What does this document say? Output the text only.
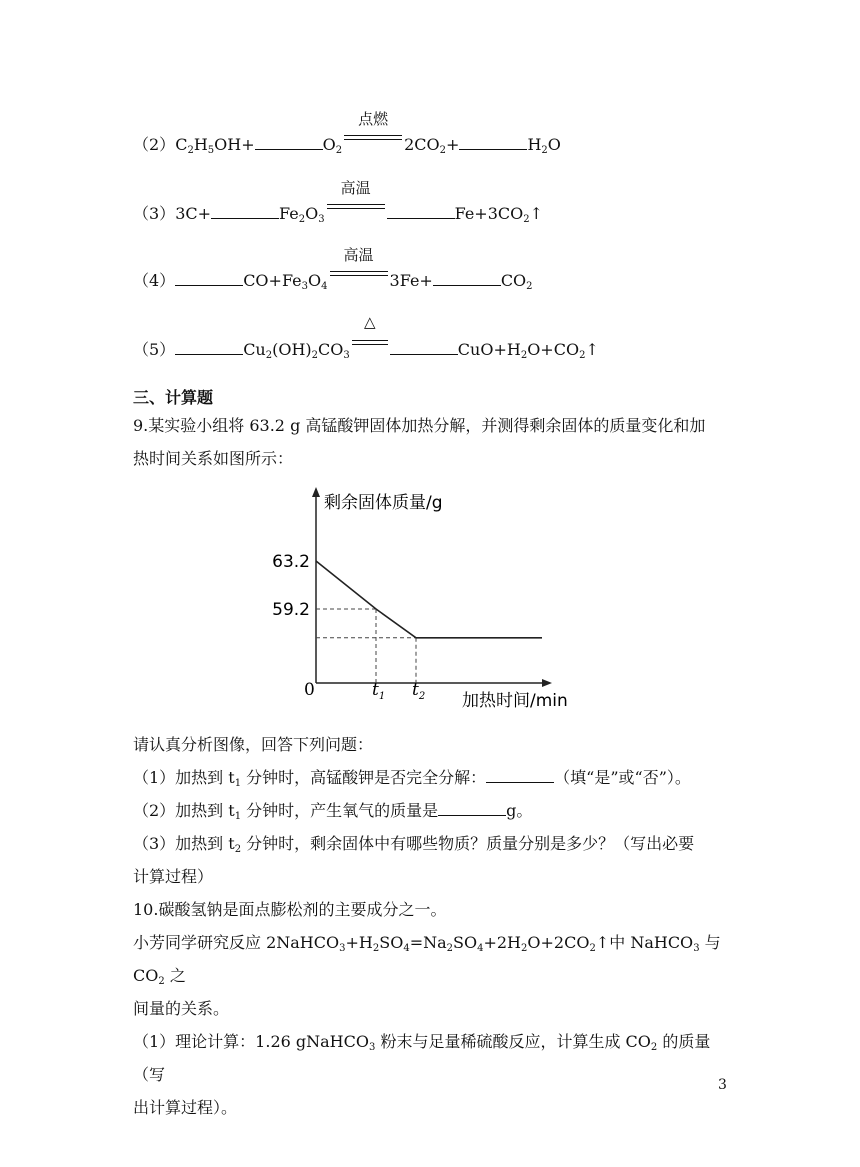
$(2)C_2H_5OH+$	$O_2$
点燃
$2CO_2+$	$H_2O$
（3）3C+	$Fe_2O_3$
高温
$Fe+3CO_2↑$
（4）	$CO+Fe_3O_4$
高温
3Fe+	$CO_2$
（5）	$Cu_2(OH)_2CO_3$
△
$CuO+H_2O+CO_2↑$
三、计算题
9.某实验小组将 63.2 g 高锰酸钾固体加热分解，并测得剩余固体的质量变化和加
热时间关系如图所示：
剩余固体质量/g
加热时间/min
63.2
59.2
0	$t_1$ $t_2$
请认真分析图像，回答下列问题：
（1）加热到 $t_1$ 分钟时，高锰酸钾是否完全分解：	（填“是”或“否”）。
（2）加热到 $t_1$ 分钟时，产生氧气的质量是	g。
（3）加热到 $t_2$ 分钟时，剩余固体中有哪些物质？质量分别是多少？（写出必要
计算过程）
10.碳酸氢钠是面点膨松剂的主要成分之一。
小芳同学研究反应 $2NaHCO_3+H_2SO_4=Na_2SO_4+2H_2O+2CO_2↑$中 NaHCO$_3$ 与 $CO_2$ 之
间量的关系。
（1）理论计算：1.26 gNaHCO$_3$ 粉末与足量稀硫酸反应，计算生成 $CO_2$ 的质量（写
出计算过程）。
3
